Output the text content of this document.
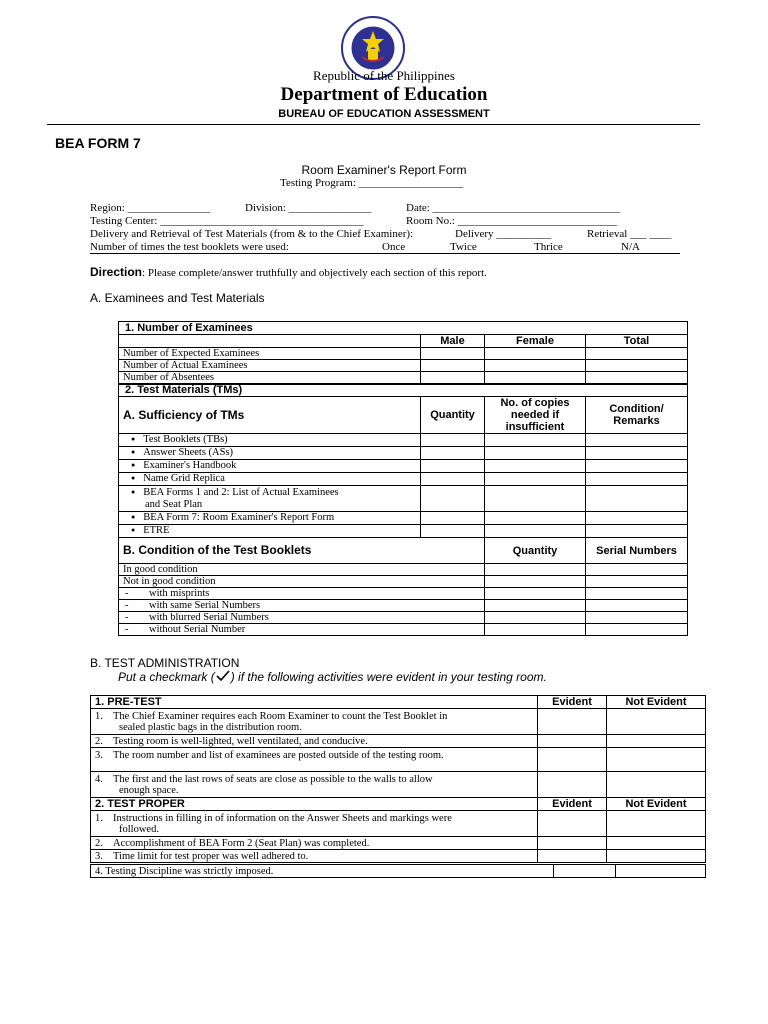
Republic of the Philippines
Department of Education
BUREAU OF EDUCATION ASSESSMENT
BEA FORM 7
Room Examiner's Report Form
Testing Program: ___________________
Region: _______________	Division: _______________	Date: __________________________________
Testing Center: _____________________________________	Room No.: _____________________________
Delivery and Retrieval of Test Materials (from & to the Chief Examiner):	Delivery __________	Retrieval ___ ____
Number of times the test booklets were used:	Once	Twice	Thrice	N/A
Direction: Please complete/answer truthfully and objectively each section of this report.
A. Examinees and Test Materials
1. Number of Examinees			
	Male	Female	Total
Number of Expected Examinees			
Number of Actual Examinees			
Number of Absentees			
2. Test Materials (TMs)			
A. Sufficiency of TMs	Quantity	No. of copies needed if insufficient	Condition/ Remarks
● Test Booklets (TBs)			
● Answer Sheets (ASs)			
● Examiner's Handbook			
● Name Grid Replica			

● BEA Forms 1 and 2: List of Actual Examinees
and Seat Plan

● BEA Form 7: Room Examiner's Report Form			
● ETRE			
B. Condition of the Test Booklets		Quantity	Serial Numbers
In good condition			
Not in good condition			
- with misprints			
- with same Serial Numbers			
- with blurred Serial Numbers			
- without Serial Number			
B. TEST ADMINISTRATION
Put a checkmark ( ) if the following activities were evident in your testing room.
1. PRE-TEST	Evident	Not Evident

1. The Chief Examiner requires each Room Examiner to count the Test Booklet in
sealed plastic bags in the distribution room.		

2. Testing room is well-lighted, well ventilated, and conducive.		
3. The room number and list of examinees are posted outside of the testing room.		

4. The first and the last rows of seats are close as possible to the walls to allow
enough space.		

2. TEST PROPER	Evident	Not Evident

1. Instructions in filling in of information on the Answer Sheets and markings were
followed.		

2. Accomplishment of BEA Form 2 (Seat Plan) was completed.		
3. Time limit for test proper was well adhered to.		
4. Testing Discipline was strictly imposed.		
